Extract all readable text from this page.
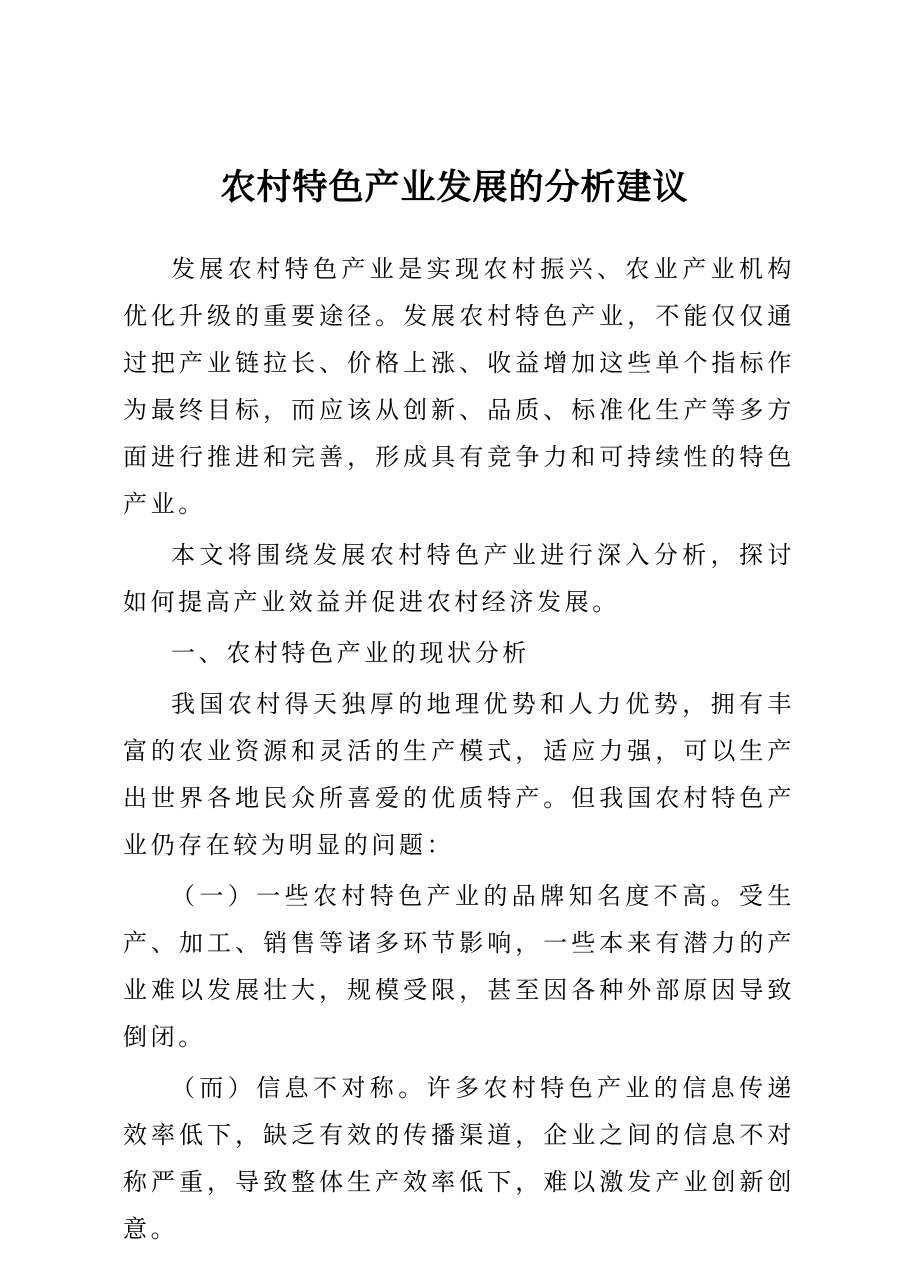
农村特色产业发展的分析建议

发展农村特色产业是实现农村振兴、农业产业机构优化升级的重要途径。发展农村特色产业，不能仅仅通过把产业链拉长、价格上涨、收益增加这些单个指标作为最终目标，而应该从创新、品质、标准化生产等多方面进行推进和完善，形成具有竞争力和可持续性的特色产业。

本文将围绕发展农村特色产业进行深入分析，探讨如何提高产业效益并促进农村经济发展。

一、农村特色产业的现状分析

我国农村得天独厚的地理优势和人力优势，拥有丰富的农业资源和灵活的生产模式，适应力强，可以生产出世界各地民众所喜爱的优质特产。但我国农村特色产业仍存在较为明显的问题：

（一）一些农村特色产业的品牌知名度不高。受生产、加工、销售等诸多环节影响，一些本来有潜力的产业难以发展壮大，规模受限，甚至因各种外部原因导致倒闭。

（而）信息不对称。许多农村特色产业的信息传递效率低下，缺乏有效的传播渠道，企业之间的信息不对称严重，导致整体生产效率低下，难以激发产业创新创意。
